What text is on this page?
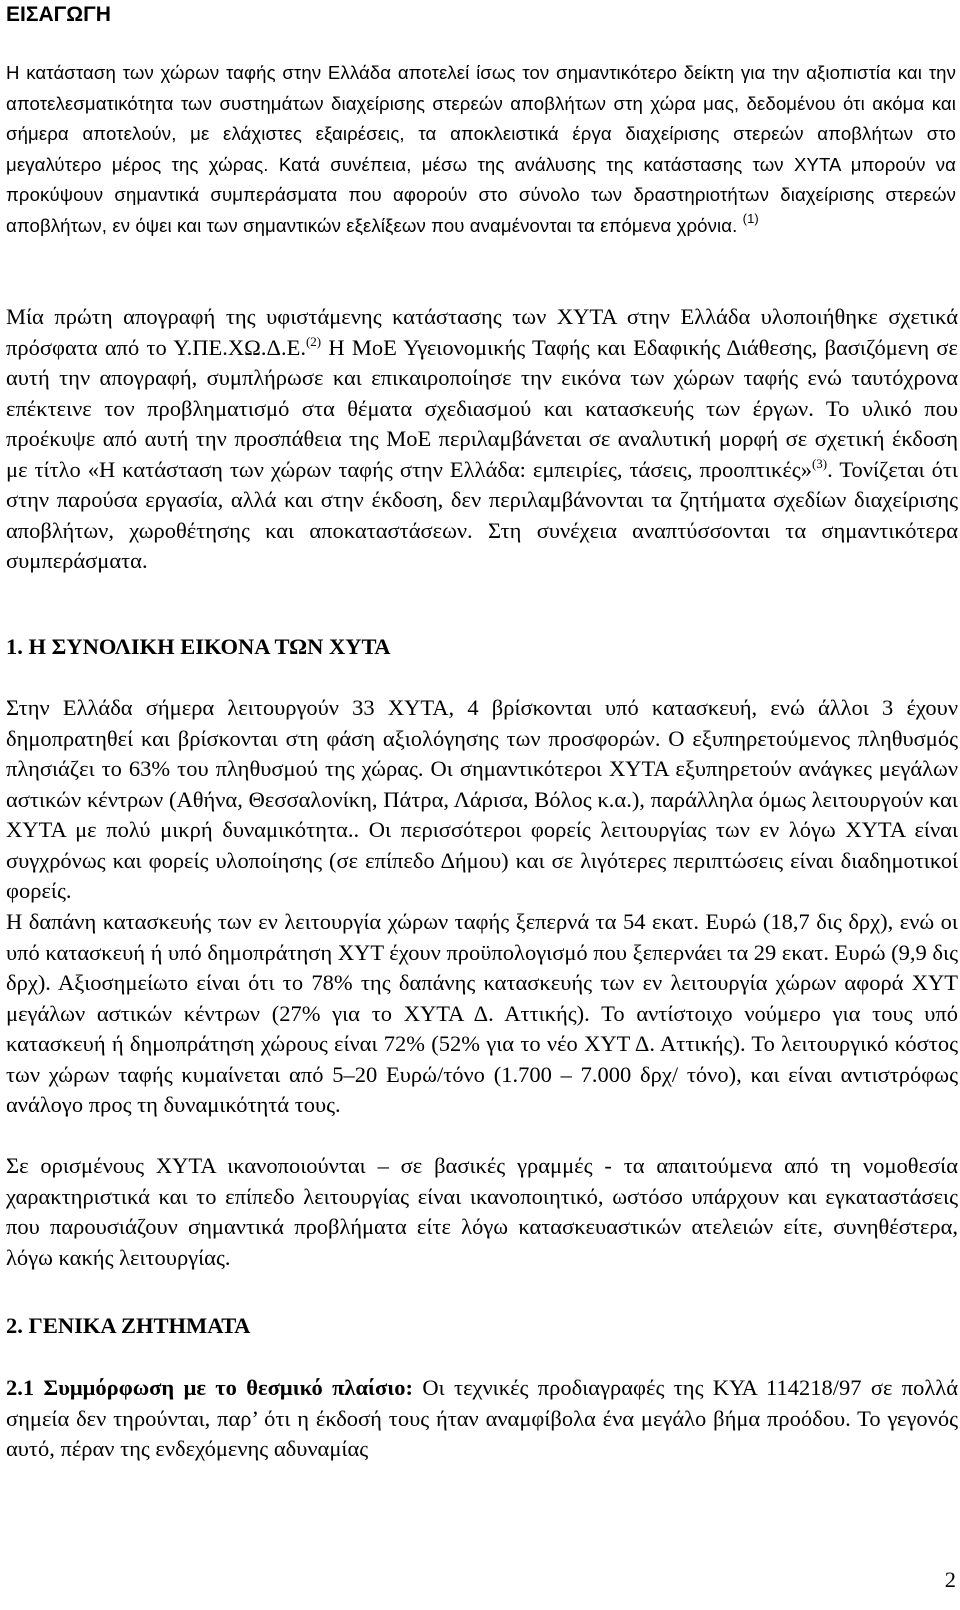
ΕΙΣΑΓΩΓΗ

Η κατάσταση των χώρων ταφής στην Ελλάδα αποτελεί ίσως τον σημαντικότερο δείκτη για την αξιοπιστία και την αποτελεσματικότητα των συστημάτων διαχείρισης στερεών αποβλήτων στη χώρα μας, δεδομένου ότι ακόμα και σήμερα αποτελούν, με ελάχιστες εξαιρέσεις, τα αποκλειστικά έργα διαχείρισης στερεών αποβλήτων στο μεγαλύτερο μέρος της χώρας. Κατά συνέπεια, μέσω της ανάλυσης της κατάστασης των ΧΥΤΑ μπορούν να προκύψουν σημαντικά συμπεράσματα που αφορούν στο σύνολο των δραστηριοτήτων διαχείρισης στερεών αποβλήτων, εν όψει και των σημαντικών εξελίξεων που αναμένονται τα επόμενα χρόνια. $^{(1)}$

Μία πρώτη απογραφή της υφιστάμενης κατάστασης των ΧΥΤΑ στην Ελλάδα υλοποιήθηκε σχετικά πρόσφατα από το Υ.ΠΕ.ΧΩ.Δ.Ε.$^{(2)}$ Η ΜοΕ Υγειονομικής Ταφής και Εδαφικής Διάθεσης, βασιζόμενη σε αυτή την απογραφή, συμπλήρωσε και επικαιροποίησε την εικόνα των χώρων ταφής ενώ ταυτόχρονα επέκτεινε τον προβληματισμό στα θέματα σχεδιασμού και κατασκευής των έργων. Το υλικό που προέκυψε από αυτή την προσπάθεια της ΜοΕ περιλαμβάνεται σε αναλυτική μορφή σε σχετική έκδοση με τίτλο «Η κατάσταση των χώρων ταφής στην Ελλάδα: εμπειρίες, τάσεις, προοπτικές»$^{(3)}$. Τονίζεται ότι στην παρούσα εργασία, αλλά και στην έκδοση, δεν περιλαμβάνονται τα ζητήματα σχεδίων διαχείρισης αποβλήτων, χωροθέτησης και αποκαταστάσεων. Στη συνέχεια αναπτύσσονται τα σημαντικότερα συμπεράσματα.

1. Η ΣΥΝΟΛΙΚΗ ΕΙΚΟΝΑ ΤΩΝ ΧΥΤΑ

Στην Ελλάδα σήμερα λειτουργούν 33 ΧΥΤΑ, 4 βρίσκονται υπό κατασκευή, ενώ άλλοι 3 έχουν δημοπρατηθεί και βρίσκονται στη φάση αξιολόγησης των προσφορών. Ο εξυπηρετούμενος πληθυσμός πλησιάζει το 63% του πληθυσμού της χώρας. Οι σημαντικότεροι ΧΥΤΑ εξυπηρετούν ανάγκες μεγάλων αστικών κέντρων (Αθήνα, Θεσσαλονίκη, Πάτρα, Λάρισα, Βόλος κ.α.), παράλληλα όμως λειτουργούν και ΧΥΤΑ με πολύ μικρή δυναμικότητα.. Οι περισσότεροι φορείς λειτουργίας των εν λόγω ΧΥΤΑ είναι συγχρόνως και φορείς υλοποίησης (σε επίπεδο Δήμου) και σε λιγότερες περιπτώσεις είναι διαδημοτικοί φορείς.

Η δαπάνη κατασκευής των εν λειτουργία χώρων ταφής ξεπερνά τα 54 εκατ. Ευρώ (18,7 δις δρχ), ενώ οι υπό κατασκευή ή υπό δημοπράτηση ΧΥΤ έχουν προϋπολογισμό που ξεπερνάει τα 29 εκατ. Ευρώ (9,9 δις δρχ). Αξιοσημείωτο είναι ότι το 78% της δαπάνης κατασκευής των εν λειτουργία χώρων αφορά ΧΥΤ μεγάλων αστικών κέντρων (27% για το ΧΥΤΑ Δ. Αττικής). Το αντίστοιχο νούμερο για τους υπό κατασκευή ή δημοπράτηση χώρους είναι 72% (52% για το νέο ΧΥΤ Δ. Αττικής). Το λειτουργικό κόστος των χώρων ταφής κυμαίνεται από 5–20 Ευρώ/τόνο (1.700 – 7.000 δρχ/ τόνο), και είναι αντιστρόφως ανάλογο προς τη δυναμικότητά τους.

Σε ορισμένους ΧΥΤΑ ικανοποιούνται – σε βασικές γραμμές - τα απαιτούμενα από τη νομοθεσία χαρακτηριστικά και το επίπεδο λειτουργίας είναι ικανοποιητικό, ωστόσο υπάρχουν και εγκαταστάσεις που παρουσιάζουν σημαντικά προβλήματα είτε λόγω κατασκευαστικών ατελειών είτε, συνηθέστερα, λόγω κακής λειτουργίας.

2. ΓΕΝΙΚΑ ΖΗΤΗΜΑΤΑ

2.1 Συμμόρφωση με το θεσμικό πλαίσιο: Οι τεχνικές προδιαγραφές της ΚΥΑ 114218/97 σε πολλά σημεία δεν τηρούνται, παρ’ ότι η έκδοσή τους ήταν αναμφίβολα ένα μεγάλο βήμα προόδου. Το γεγονός αυτό, πέραν της ενδεχόμενης αδυναμίας

2
